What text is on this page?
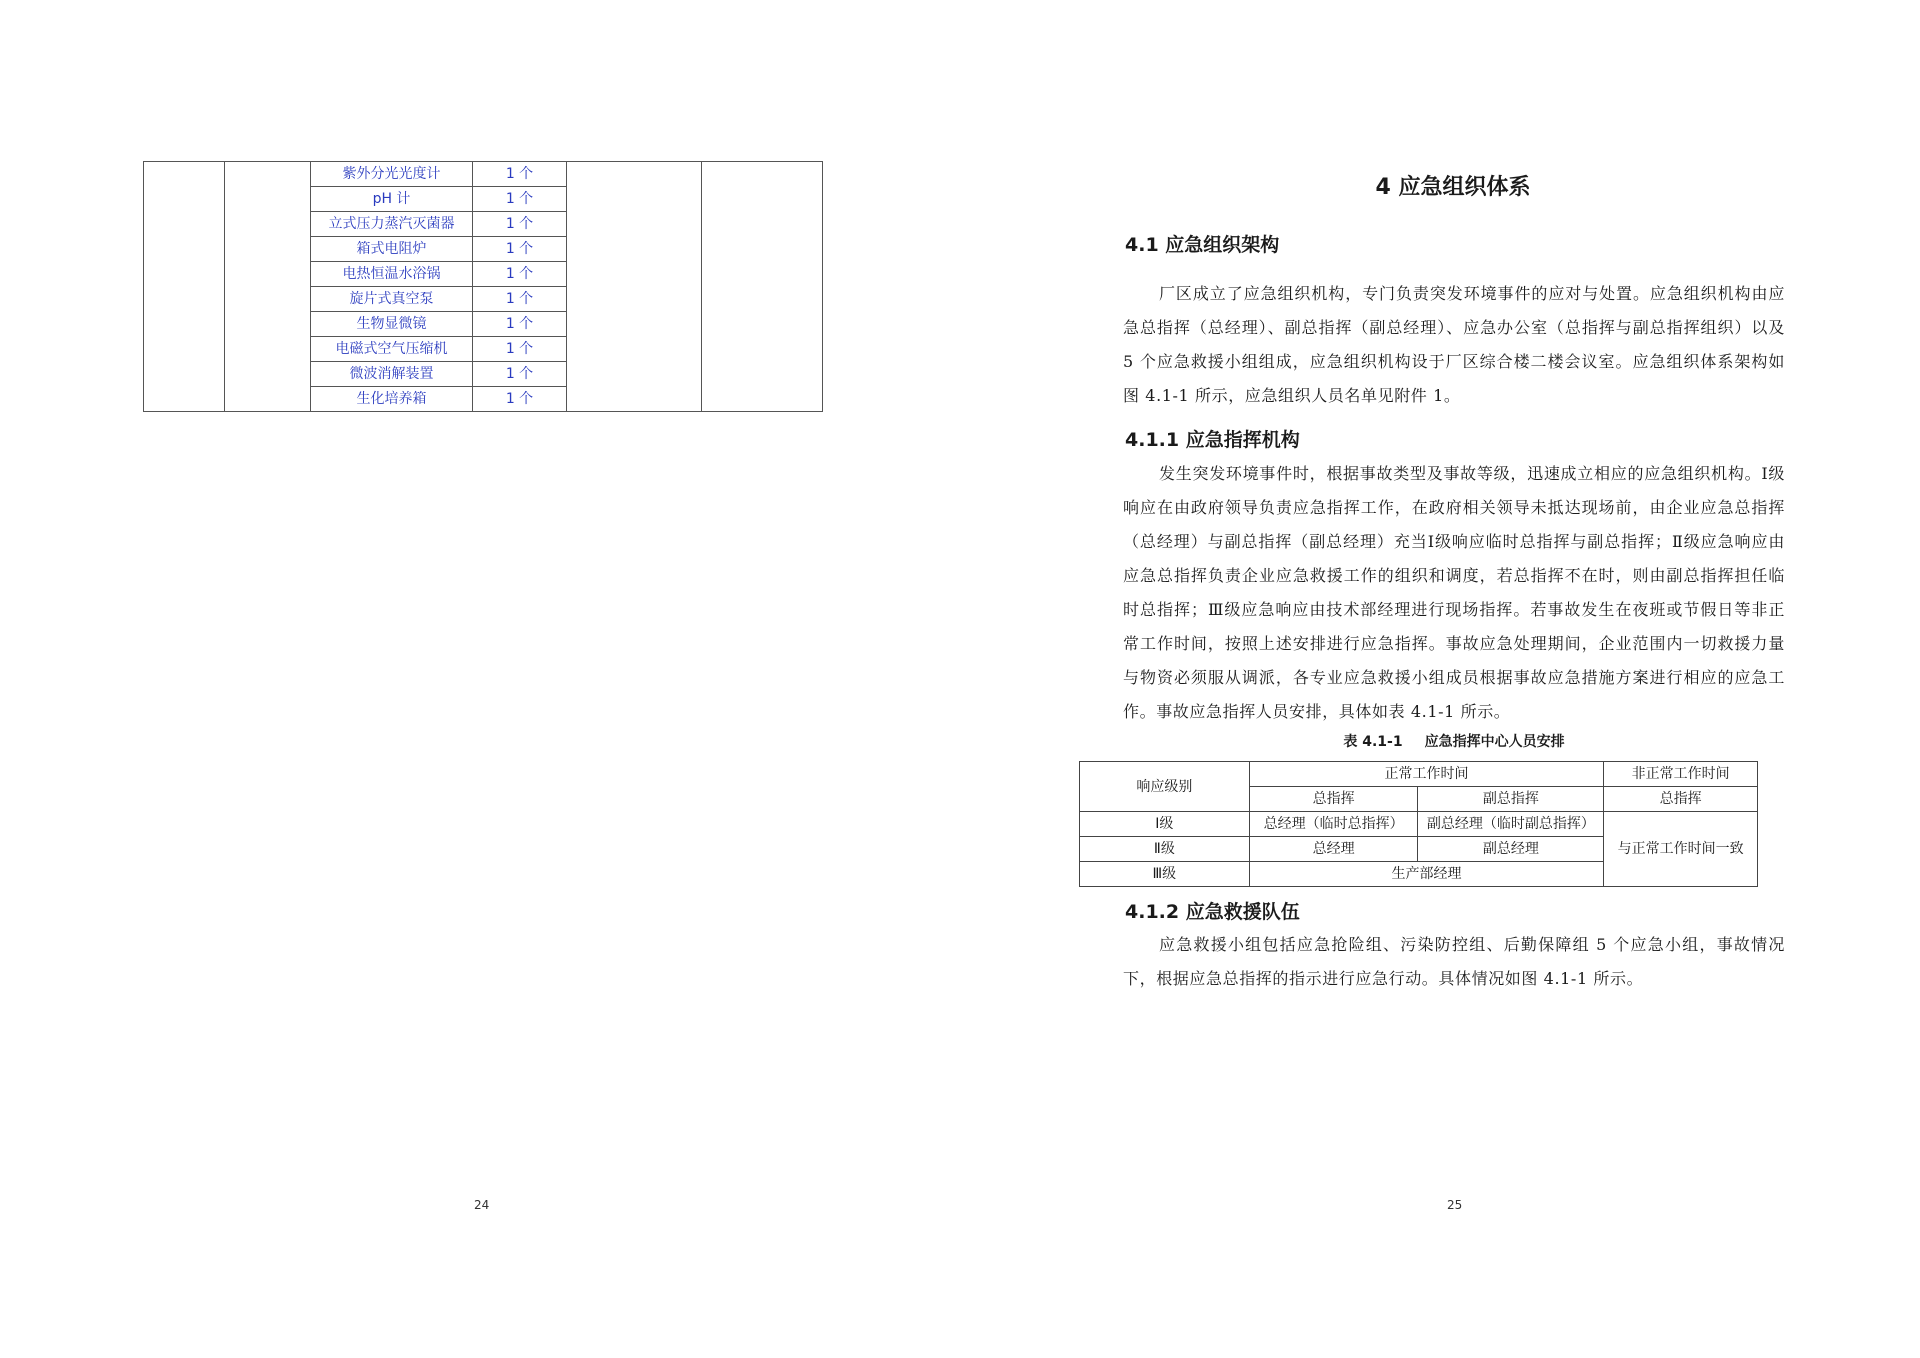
		紫外分光光度计	1 个		
		pH 计	1 个		
		立式压力蒸汽灭菌器	1 个		
		箱式电阻炉	1 个		
		电热恒温水浴锅	1 个		
		旋片式真空泵	1 个		
		生物显微镜	1 个		
		电磁式空气压缩机	1 个		
		微波消解装置	1 个		
		生化培养箱	1 个		
24
4 应急组织体系
4.1 应急组织架构

厂区成立了应急组织机构，专门负责突发环境事件的应对与处置。应急组织机构由应急总指挥（总经理）、副总指挥（副总经理）、应急办公室（总指挥与副总指挥组织）以及 5 个应急救援小组组成，应急组织机构设于厂区综合楼二楼会议室。应急组织体系架构如图 4.1-1 所示，应急组织人员名单见附件 1。

4.1.1 应急指挥机构

发生突发环境事件时，根据事故类型及事故等级，迅速成立相应的应急组织机构。Ⅰ级响应在由政府领导负责应急指挥工作，在政府相关领导未抵达现场前，由企业应急总指挥（总经理）与副总指挥（副总经理）充当Ⅰ级响应临时总指挥与副总指挥；Ⅱ级应急响应由应急总指挥负责企业应急救援工作的组织和调度，若总指挥不在时，则由副总指挥担任临时总指挥；Ⅲ级应急响应由技术部经理进行现场指挥。若事故发生在夜班或节假日等非正常工作时间，按照上述安排进行应急指挥。事故应急处理期间，企业范围内一切救援力量与物资必须服从调派，各专业应急救援小组成员根据事故应急措施方案进行相应的应急工作。事故应急指挥人员安排，具体如表 4.1-1 所示。

表 4.1-1 应急指挥中心人员安排
4.1.2 应急救援队伍

应急救援小组包括应急抢险组、污染防控组、后勤保障组 5 个应急小组，事故情况下，根据应急总指挥的指示进行应急行动。具体情况如图 4.1-1 所示。

响应级别	正常工作时间		非正常工作时间
	总指挥	副总指挥	总指挥
Ⅰ级	总经理（临时总指挥）	副总经理（临时副总指挥）	与正常工作时间一致
Ⅱ级	总经理	副总经理	
Ⅲ级	生产部经理		
25
